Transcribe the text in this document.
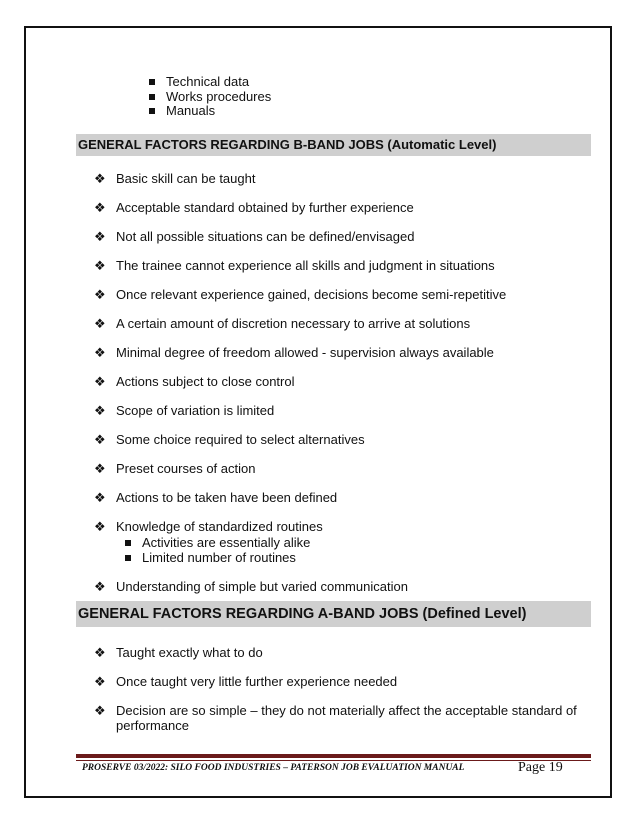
Technical data
Works procedures
Manuals
GENERAL FACTORS REGARDING B-BAND JOBS (Automatic Level)
❖ Basic skill can be taught
❖ Acceptable standard obtained by further experience
❖ Not all possible situations can be defined/envisaged
❖ The trainee cannot experience all skills and judgment in situations
❖ Once relevant experience gained, decisions become semi-repetitive
❖ A certain amount of discretion necessary to arrive at solutions
❖ Minimal degree of freedom allowed - supervision always available
❖ Actions subject to close control
❖ Scope of variation is limited
❖ Some choice required to select alternatives
❖ Preset courses of action
❖ Actions to be taken have been defined
❖ Knowledge of standardized routines
Activities are essentially alike
Limited number of routines
❖ Understanding of simple but varied communication
GENERAL FACTORS REGARDING A-BAND JOBS (Defined Level)
❖ Taught exactly what to do
❖ Once taught very little further experience needed
❖ Decision are so simple – they do not materially affect the acceptable standard of performance
PROSERVE 03/2022: SILO FOOD INDUSTRIES – PATERSON JOB EVALUATION MANUAL	Page 19
